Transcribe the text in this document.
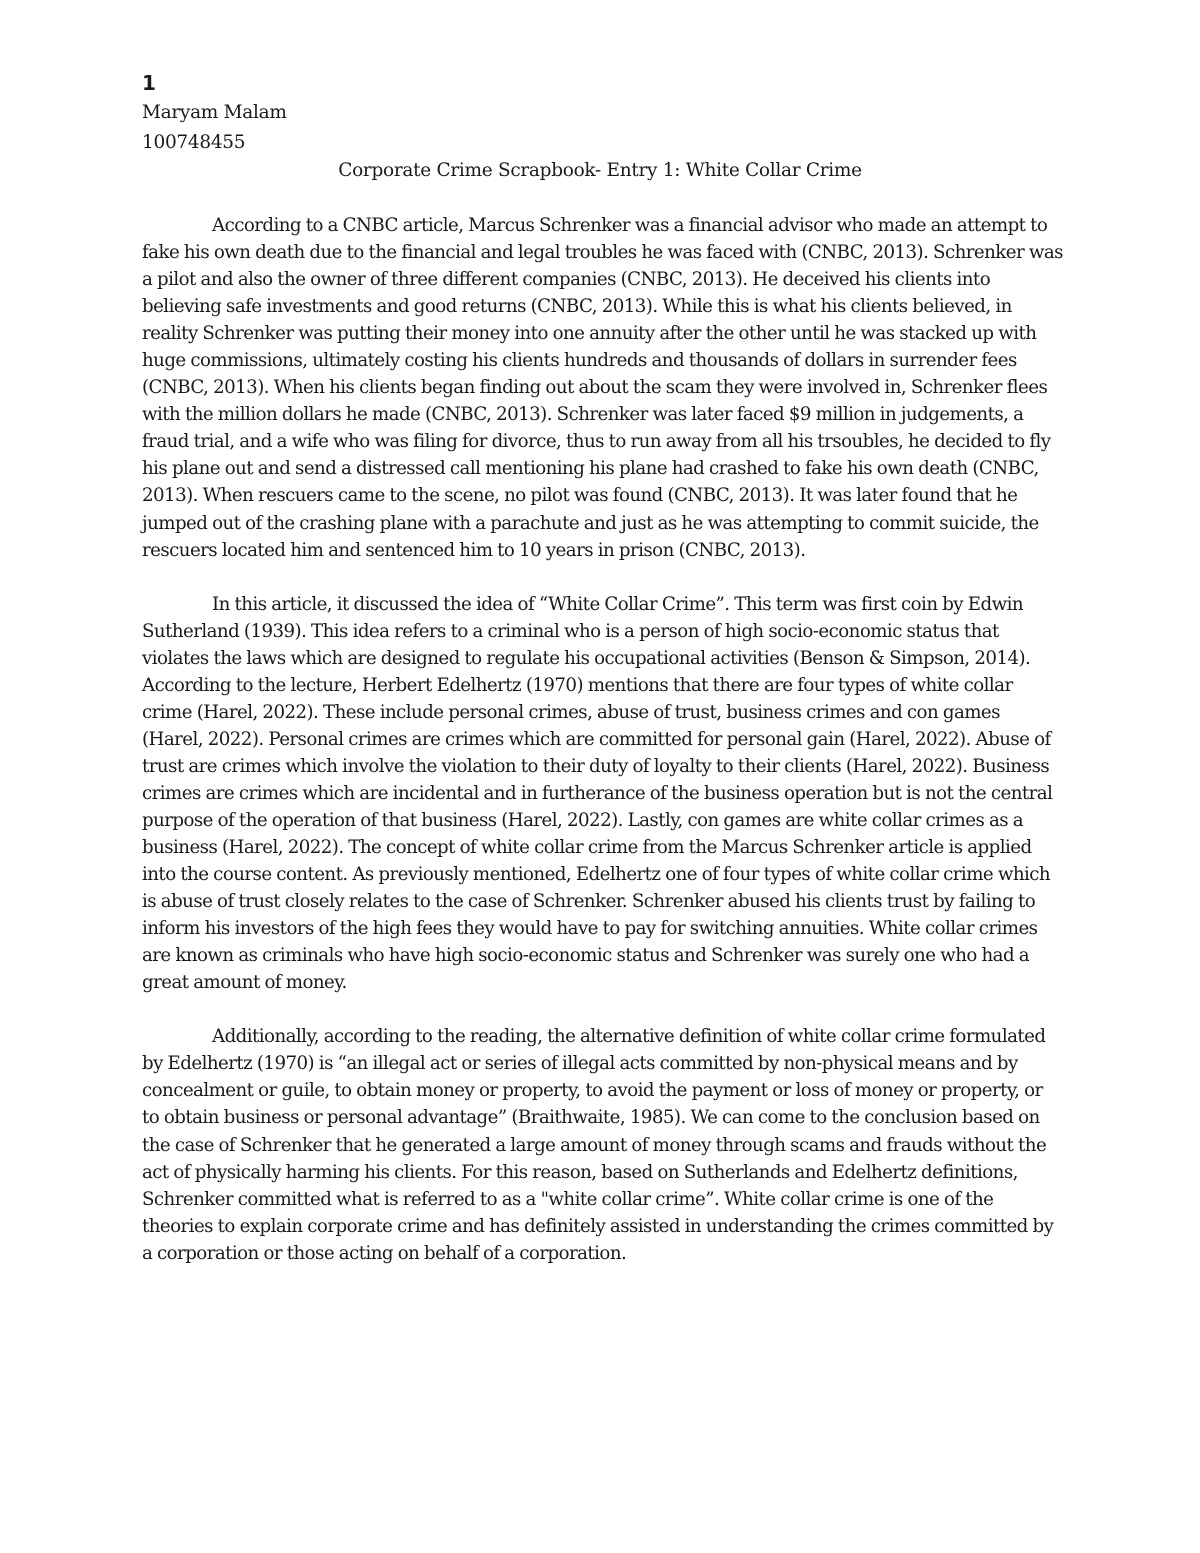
1

Maryam Malam

100748455

Corporate Crime Scrapbook- Entry 1: White Collar Crime

According to a CNBC article, Marcus Schrenker was a financial advisor who made an attempt to fake his own death due to the financial and legal troubles he was faced with (CNBC, 2013). Schrenker was a pilot and also the owner of three different companies (CNBC, 2013). He deceived his clients into believing safe investments and good returns (CNBC, 2013). While this is what his clients believed, in reality Schrenker was putting their money into one annuity after the other until he was stacked up with huge commissions, ultimately costing his clients hundreds and thousands of dollars in surrender fees (CNBC, 2013). When his clients began finding out about the scam they were involved in, Schrenker flees with the million dollars he made (CNBC, 2013). Schrenker was later faced $9 million in judgements, a fraud trial, and a wife who was filing for divorce, thus to run away from all his trsoubles, he decided to fly his plane out and send a distressed call mentioning his plane had crashed to fake his own death (CNBC, 2013). When rescuers came to the scene, no pilot was found (CNBC, 2013). It was later found that he jumped out of the crashing plane with a parachute and just as he was attempting to commit suicide, the rescuers located him and sentenced him to 10 years in prison (CNBC, 2013).

In this article, it discussed the idea of “White Collar Crime”. This term was first coin by Edwin Sutherland (1939). This idea refers to a criminal who is a person of high socio-economic status that violates the laws which are designed to regulate his occupational activities (Benson & Simpson, 2014). According to the lecture, Herbert Edelhertz (1970) mentions that there are four types of white collar crime (Harel, 2022). These include personal crimes, abuse of trust, business crimes and con games (Harel, 2022). Personal crimes are crimes which are committed for personal gain (Harel, 2022). Abuse of trust are crimes which involve the violation to their duty of loyalty to their clients (Harel, 2022). Business crimes are crimes which are incidental and in furtherance of the business operation but is not the central purpose of the operation of that business (Harel, 2022). Lastly, con games are white collar crimes as a business (Harel, 2022). The concept of white collar crime from the Marcus Schrenker article is applied into the course content. As previously mentioned, Edelhertz one of four types of white collar crime which is abuse of trust closely relates to the case of Schrenker. Schrenker abused his clients trust by failing to inform his investors of the high fees they would have to pay for switching annuities. White collar crimes are known as criminals who have high socio-economic status and Schrenker was surely one who had a great amount of money.

Additionally, according to the reading, the alternative definition of white collar crime formulated by Edelhertz (1970) is “an illegal act or series of illegal acts committed by non-physical means and by concealment or guile, to obtain money or property, to avoid the payment or loss of money or property, or to obtain business or personal advantage” (Braithwaite, 1985). We can come to the conclusion based on the case of Schrenker that he generated a large amount of money through scams and frauds without the act of physically harming his clients. For this reason, based on Sutherlands and Edelhertz definitions, Schrenker committed what is referred to as a "white collar crime”. White collar crime is one of the theories to explain corporate crime and has definitely assisted in understanding the crimes committed by a corporation or those acting on behalf of a corporation.
